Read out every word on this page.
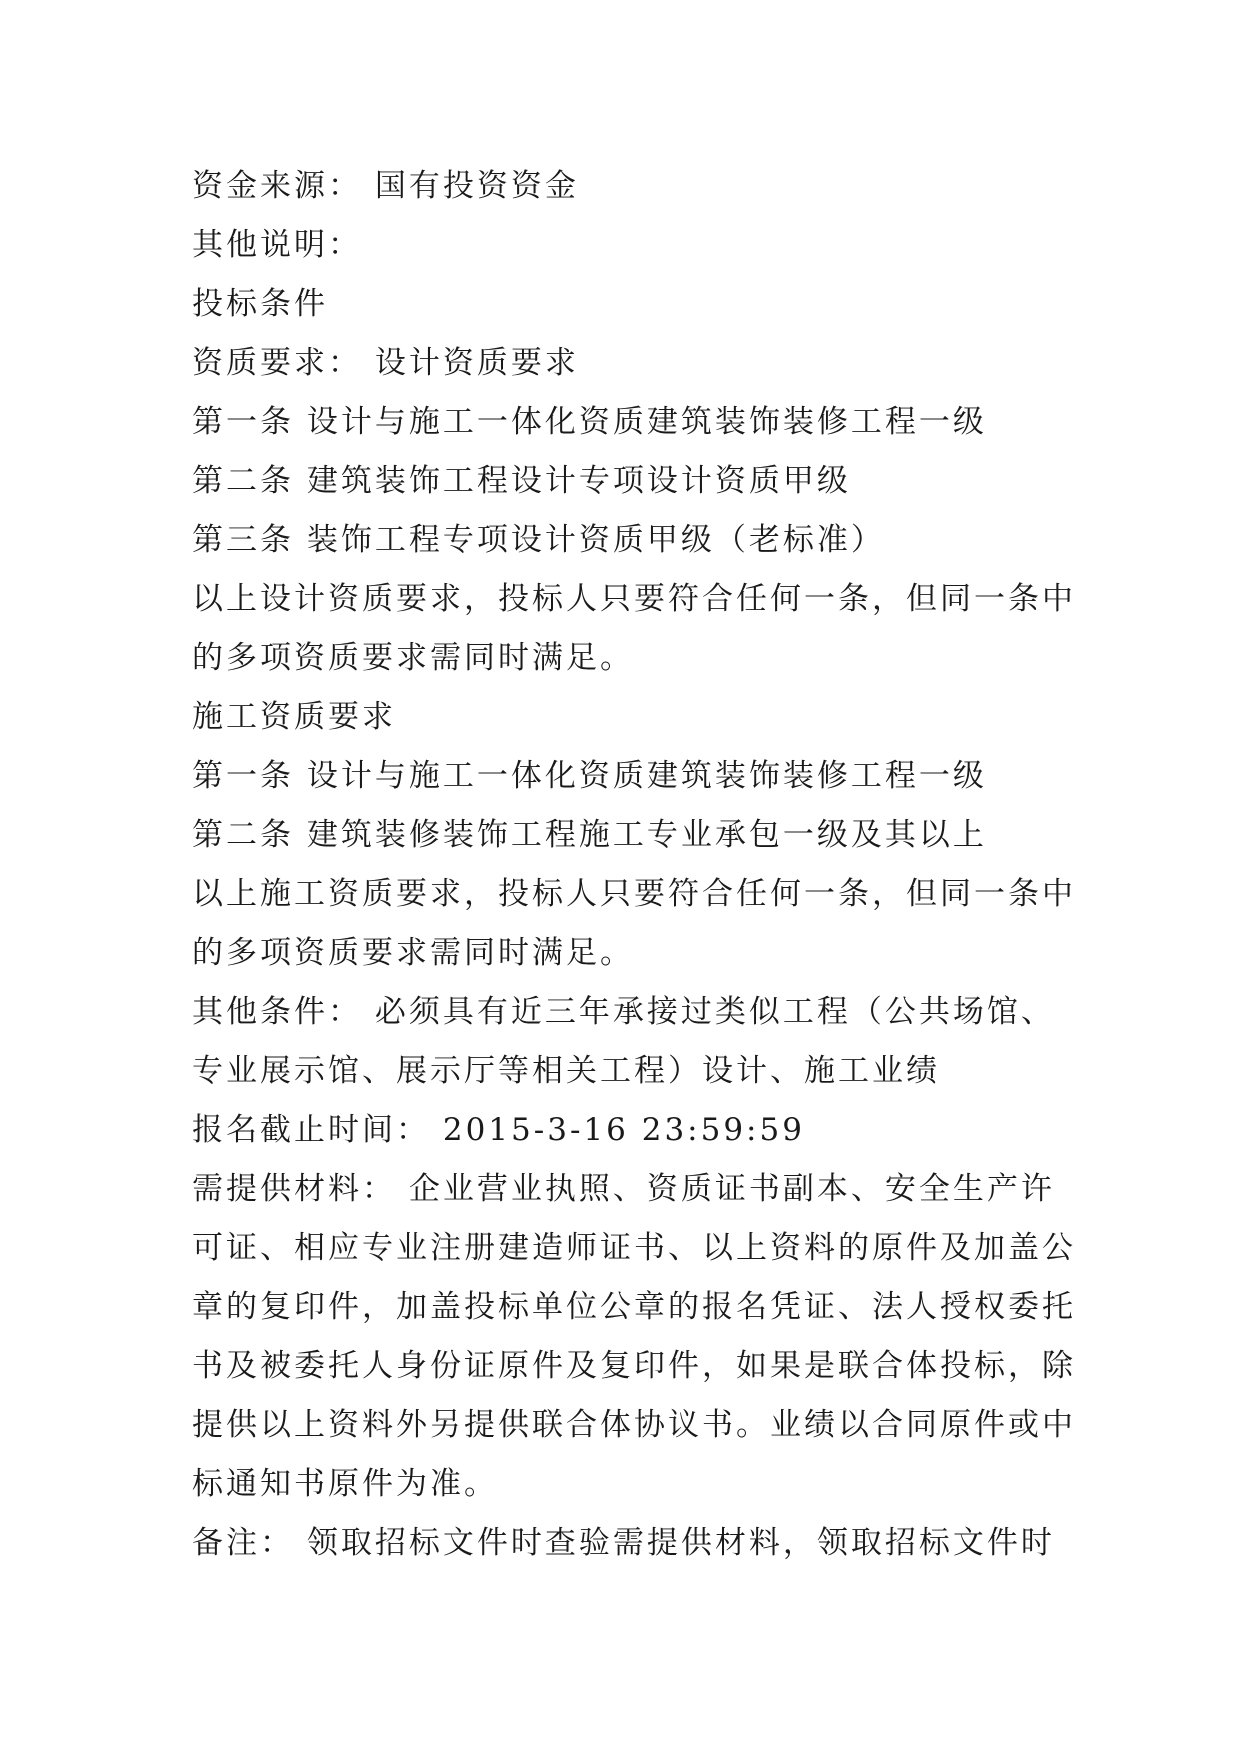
资金来源： 国有投资资金
其他说明：
投标条件
资质要求： 设计资质要求
第一条 设计与施工一体化资质建筑装饰装修工程一级
第二条 建筑装饰工程设计专项设计资质甲级
第三条 装饰工程专项设计资质甲级（老标准）
以上设计资质要求，投标人只要符合任何一条，但同一条中
的多项资质要求需同时满足。
施工资质要求
第一条 设计与施工一体化资质建筑装饰装修工程一级
第二条 建筑装修装饰工程施工专业承包一级及其以上
以上施工资质要求，投标人只要符合任何一条，但同一条中
的多项资质要求需同时满足。
其他条件： 必须具有近三年承接过类似工程（公共场馆、
专业展示馆、展示厅等相关工程）设计、施工业绩
报名截止时间： 2015-3-16 23:59:59
需提供材料： 企业营业执照、资质证书副本、安全生产许
可证、相应专业注册建造师证书、以上资料的原件及加盖公
章的复印件，加盖投标单位公章的报名凭证、法人授权委托
书及被委托人身份证原件及复印件，如果是联合体投标，除
提供以上资料外另提供联合体协议书。业绩以合同原件或中
标通知书原件为准。
备注： 领取招标文件时查验需提供材料，领取招标文件时
